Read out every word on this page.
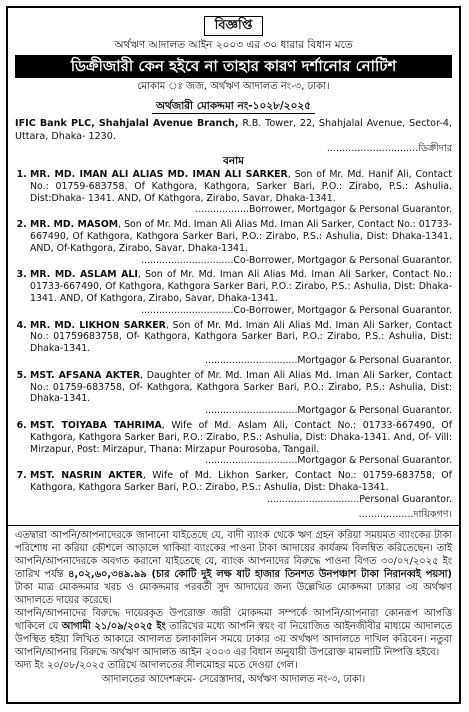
বিজ্ঞপ্তি
অর্থঋণ আদালত আইন ২০০৩ এর ৩০ ধারার বিধান মতে
ডিক্রীজারী কেন হইবে না তাহার কারণ দর্শানোর নোটিশ
মোকাম ঃ জজ, অর্থঋণ আদালত নং-৩, ঢাকা।
অর্থজারী মোকদ্দমা নং-১০২৮/২০২৫
IFIC Bank PLC, Shahjalal Avenue Branch, R.B. Tower, 22, Shahjalal Avenue, Sector-4, Uttara, Dhaka- 1230.
..............................ডিক্রীদার
বনাম
1. MR. MD. IMAN ALI ALIAS MD. IMAN ALI SARKER, Son of Mr. Md. Hanif Ali, Contact No.: 01759-683758. Of Kathgora, Kathgora, Sarker Bari, P.O.: Zirabo, P.S.: Ashulia. Dist:Dhaka- 1341. AND, Of Kathgora, Zirabo, Savar, Dhaka-1341.
..................Borrower, Mortgagor & Personal Guarantor.
2. MR. MD. MASOM, Son of Mr. Md. Iman Ali Alias Md. Iman Ali Sarker, Contact No.: 01733-667490, Of Kathgora, Kathgora Sarker Bari, P.O.: Zirabo, P.S.: Ashulia, Dist: Dhaka-1341. AND, Of-Kathgora, Zirabo, Savar, Dhaka-1341.
...............................Co-Borrower, Mortgagor & Personal Guarantor.
3. MR. MD. ASLAM ALI, Son of Mr. Md. Iman Ali Alias Md. Iman Ali Sarker, Contact No.: 01733-667490, Of Kathgora, Kathgora Sarker Bari, P.O.: Zirabo, P.S.: Ashulia, Dist: Dhaka-1341. AND, Of Kathgora, Zirabo, Savar, Dhaka-1341.
...............................Co-Borrower, Mortgagor & Personal Guarantor.
4. MR. MD. LIKHON SARKER, Son of Mr. Md. Iman Ali Alias Md. Iman Ali Sarker, Contact No.: 01759683758, Of- Kathgora, Kathgora Sarker Bari, P.O.: Zirabo, P.S.: Ashulia, Dist: Dhaka-1341.
...............................Mortgagor & Personal Guarantor.
5. MST. AFSANA AKTER, Daughter of Mr. Md. Iman Ali Alias Md. Iman Ali Sarker, Contact No.: 01759-683758, Of- Kathgora, Kathgora Sarker Bari, P.O.: Zirabo, P.S.: Ashulia, Dist: Dhaka-1341.
...............................Mortgagor & Personal Guarantor.
6. MST. TOIYABA TAHRIMA, Wife of Md. Aslam Ali, Contact No.: 01733-667490, Of Kathgora, Kathgora Sarker Bari, P.O.: Zirabo, P.S.: Ashulia, Dist: Dhaka-1341. And, Of- Vill: Mirzapur, Post: Mirzapur, Thana: Mirzapur Pourosoba, Tangail.
...............................Mortgagor & Personal Guarantor.
7. MST. NASRIN AKTER, Wife of Md. Likhon Sarker, Contact No.: 01759-683758, Of Kathgora, Kathgora Sarker Bari, P.O.: Zirabo, P.S.: Ashulia, Dist: Dhaka-1341.
...............................Personal Guarantor.
..................দায়িকগণ।

এতদ্বারা আপনি/আপনাদেরকে জানানো যাইতেছে যে, বাদী ব্যাংক থেকে ঋণ গ্রহন করিয়া সময়মত ব্যাংকের টাকা পরিশোধ না করিয়া কৌশলে আড়ালে থাকিয়া ব্যাংকের পাওনা টাকা আদায়ের কার্যক্রম বিলম্বিত করিতেছেন। তাই আপনি/আপনাদেরকে অবগত করানো যাইতেছে যে, ব্যাংক আপনাদের বিরুদ্ধে পাওনা বিগত ৩০/০৭/২০২৫ ইং তারিখ পর্যন্ত ৪,০২,৬০,৩৪৯.৯৯ (চার কোটি দুই লক্ষ ষাট হাজার তিনশত উনপঞ্চাশ টাকা নিরানব্বই পয়সা) টাকা মাত্র মোকদ্দমার খরচ ও মোকদ্দমার পরবর্তী সুদ আদায়ের জন্য উল্লেখিত মোকদ্দমা ঢাকার ৩য় অর্থঋণ আদালতে দায়ের করেছে।

আপনি/আপনাদের বিরুদ্ধে দায়েরকৃত উপরোক্ত জারী মোকদ্দমা সম্পর্কে আপনি/আপনারা কোনরূপ আপত্তি থাকিলে যে আগামী ২১/০৯/২০২৫ ইং তারিখের মধ্যে আপনি স্বয়ং বা নিয়োজিত আইনজীবীর মাধ্যমে আদালতে উপস্থিত হইয়া লিখিত আকারে আদালত চলাকালিন সময়ে ঢাকার ৩য় অর্থঋণ আদালতে দাখিল করিবেন। নতুবা আপনি/আপনার বিরুদ্ধে অর্থঋণ আদালত আইন ২০০৩ এর বিধান অনুযায়ী উপরোক্ত মামলাটি নিষ্পত্তি হইবে।

অদ্য ইং ২০/০৮/২০২৫ তারিখে আদালতের সীলমোহর মতে দেওয়া গেল।

আদালতের আদেশক্রমে- সেরেস্তাদার, অর্থঋণ আদালত নং-৩, ঢাকা।
